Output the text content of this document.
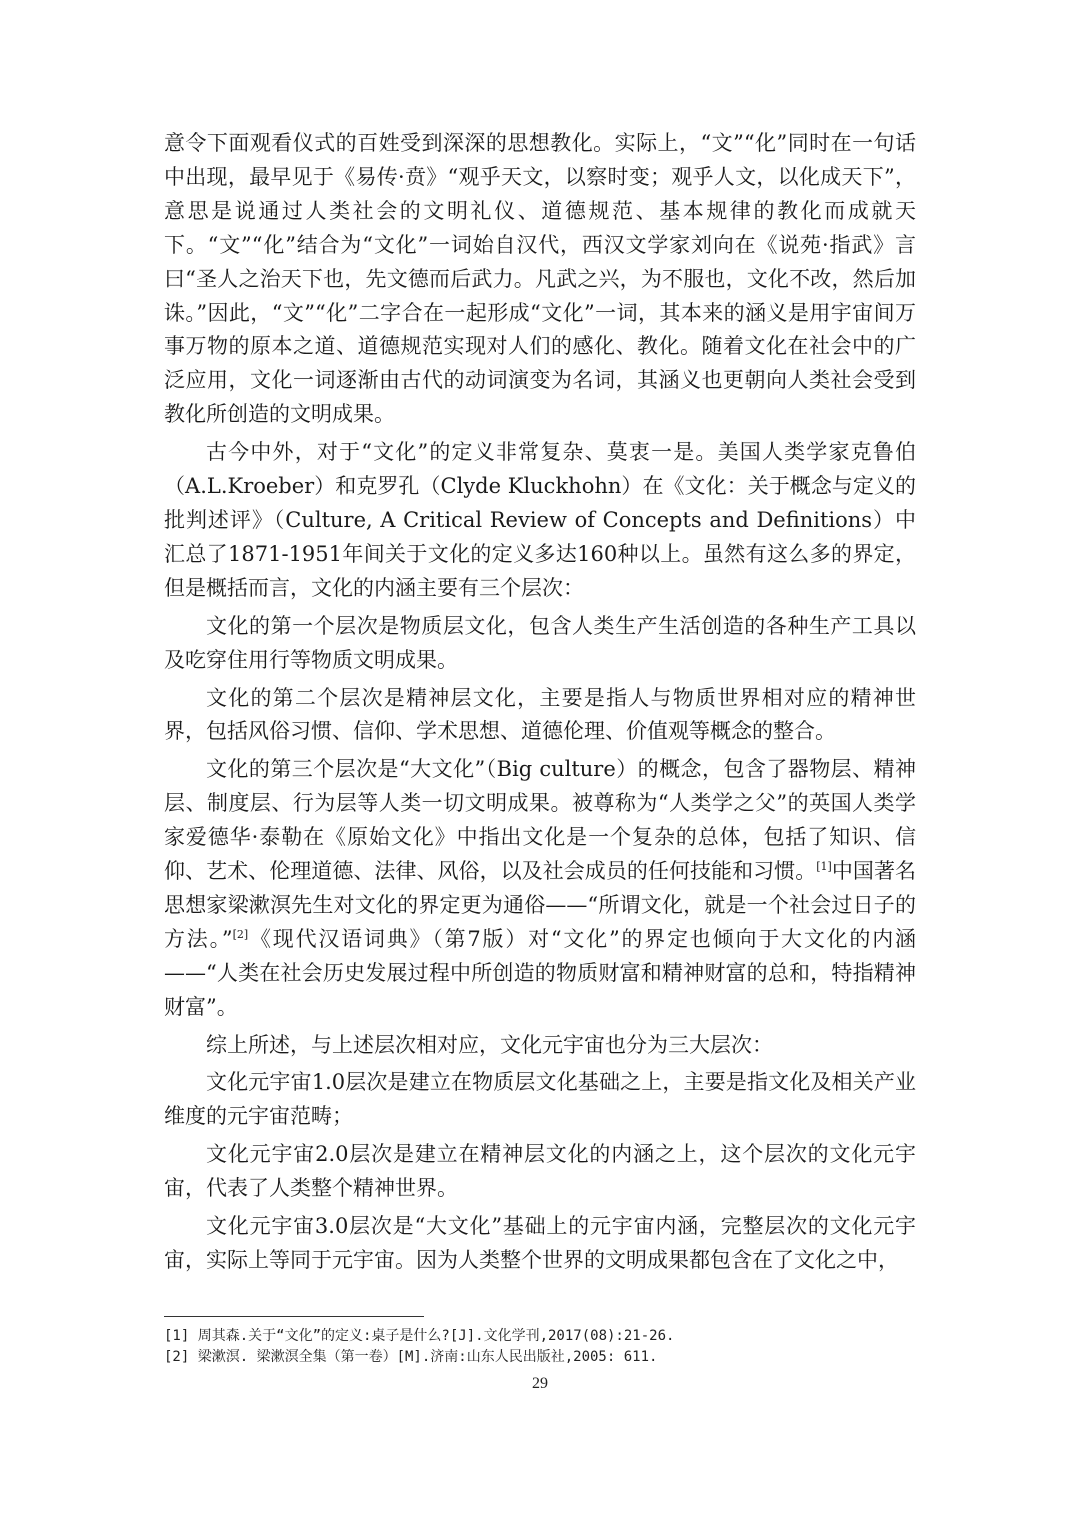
意令下面观看仪式的百姓受到深深的思想教化。实际上，“文”“化”同时在一句话中出现，最早见于《易传·贲》“观乎天文，以察时变；观乎人文，以化成天下”，意思是说通过人类社会的文明礼仪、道德规范、基本规律的教化而成就天下。“文”“化”结合为“文化”一词始自汉代，西汉文学家刘向在《说苑·指武》言曰“圣人之治天下也，先文德而后武力。凡武之兴，为不服也，文化不改，然后加诛。”因此，“文”“化”二字合在一起形成“文化”一词，其本来的涵义是用宇宙间万事万物的原本之道、道德规范实现对人们的感化、教化。随着文化在社会中的广泛应用，文化一词逐渐由古代的动词演变为名词，其涵义也更朝向人类社会受到教化所创造的文明成果。

古今中外，对于“文化”的定义非常复杂、莫衷一是。美国人类学家克鲁伯（A.L.Kroeber）和克罗孔（Clyde Kluckhohn）在《文化：关于概念与定义的批判述评》（Culture, A Critical Review of Concepts and Definitions）中汇总了1871-1951年间关于文化的定义多达160种以上。虽然有这么多的界定，但是概括而言，文化的内涵主要有三个层次：

文化的第一个层次是物质层文化，包含人类生产生活创造的各种生产工具以及吃穿住用行等物质文明成果。

文化的第二个层次是精神层文化，主要是指人与物质世界相对应的精神世界，包括风俗习惯、信仰、学术思想、道德伦理、价值观等概念的整合。

文化的第三个层次是“大文化”（Big culture）的概念，包含了器物层、精神层、制度层、行为层等人类一切文明成果。被尊称为“人类学之父”的英国人类学家爱德华·泰勒在《原始文化》中指出文化是一个复杂的总体，包括了知识、信仰、艺术、伦理道德、法律、风俗，以及社会成员的任何技能和习惯。[1]中国著名思想家梁漱溟先生对文化的界定更为通俗——“所谓文化，就是一个社会过日子的方法。”[2]《现代汉语词典》（第7版）对“文化”的界定也倾向于大文化的内涵——“人类在社会历史发展过程中所创造的物质财富和精神财富的总和，特指精神财富”。

综上所述，与上述层次相对应，文化元宇宙也分为三大层次：

文化元宇宙1.0层次是建立在物质层文化基础之上，主要是指文化及相关产业维度的元宇宙范畴；

文化元宇宙2.0层次是建立在精神层文化的内涵之上，这个层次的文化元宇宙，代表了人类整个精神世界。

文化元宇宙3.0层次是“大文化”基础上的元宇宙内涵，完整层次的文化元宇宙，实际上等同于元宇宙。因为人类整个世界的文明成果都包含在了文化之中，

[1] 周其森.关于“文化”的定义:桌子是什么?[J].文化学刊,2017(08):21-26.

[2] 梁漱溟. 梁漱溟全集（第一卷）[M].济南:山东人民出版社,2005: 611.

29
